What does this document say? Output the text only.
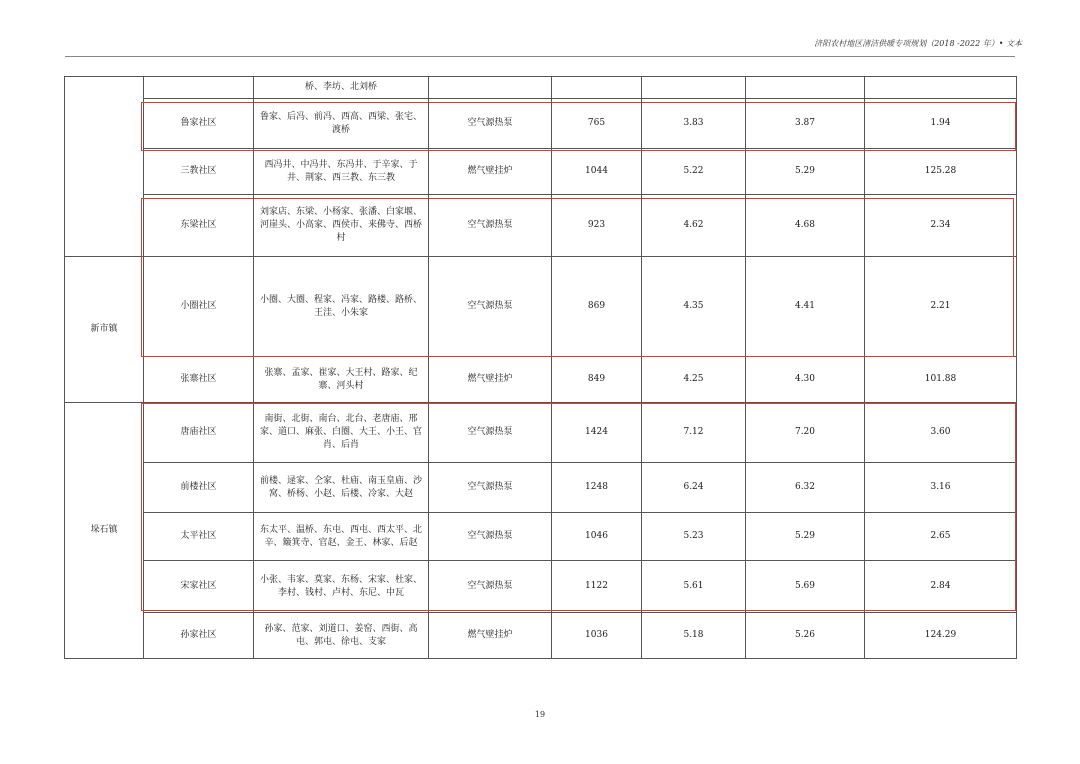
济阳农村地区清洁供暖专项规划（2018 -2022 年）• 文本
		桥、李坊、北刘桥					
	鲁家社区	鲁家、后冯、前冯、西高、西梁、张宅、渡桥	空气源热泵	765	3.83	3.87	1.94
	三教社区	西冯井、中冯井、东冯井、于辛家、于井、荆家、西三教、东三教	燃气壁挂炉	1044	5.22	5.29	125.28
	东梁社区	刘家店、东梁、小杨家、张潘、白家堰、河崖头、小高家、西侯市、来佛寺、西桥村	空气源热泵	923	4.62	4.68	2.34
新市镇	小圈社区	小圈、大圈、程家、冯家、路楼、路桥、王洼、小朱家	空气源热泵	869	4.35	4.41	2.21
	张寨社区	张寨、孟家、崔家、大王村、路家、纪寨、河头村	燃气壁挂炉	849	4.25	4.30	101.88
垛石镇	唐庙社区	南街、北街、南台、北台、老唐庙、邢家、道口、麻张、白圈、大王、小王、官肖、后肖	空气源热泵	1424	7.12	7.20	3.60
	前楼社区	前楼、逯家、仝家、杜庙、南玉皇庙、沙窝、桥杨、小赵、后楼、冷家、大赵	空气源热泵	1248	6.24	6.32	3.16
	太平社区	东太平、温桥、东屯、西屯、西太平、北辛、簸箕寺、官赵、金王、林家、后赵	空气源热泵	1046	5.23	5.29	2.65
	宋家社区	小张、韦家、莫家、东杨、宋家、杜家、李村、钱村、卢村、东尼、中瓦	空气源热泵	1122	5.61	5.69	2.84
	孙家社区	孙家、范家、刘道口、姜窑、西街、高屯、郭屯、徐屯、支家	燃气壁挂炉	1036	5.18	5.26	124.29
19
